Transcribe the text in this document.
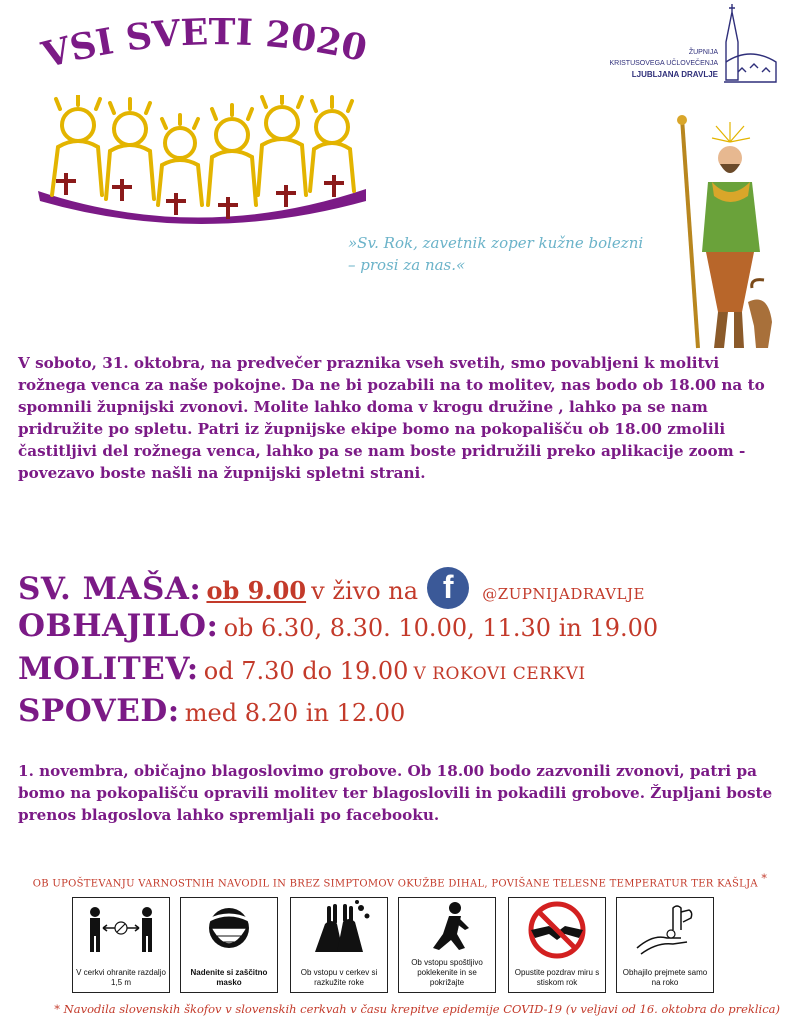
VSI SVETI 2020	ŽUPNIJA
KRISTUSOVEGA UČLOVEČENJA
LJUBLJANA DRAVLJE
»Sv. Rok, zavetnik zoper kužne bolezni
– prosi za nas.«
V soboto, 31. oktobra, na predvečer praznika vseh svetih, smo povabljeni k molitvi rožnega venca za naše pokojne. Da ne bi pozabili na to molitev, nas bodo ob 18.00 na to spomnili župnijski zvonovi. Molite lahko doma v krogu družine , lahko pa se nam pridružite po spletu. Patri iz župnijske ekipe bomo na pokopališču ob 18.00 zmolili častitljivi del rožnega venca, lahko pa se nam boste pridružili preko aplikacije zoom - povezavo boste našli na župnijski spletni strani.
SV. MAŠA: ob 9.00 v živo na f	@ZUPNIJADRAVLJE
OBHAJILO: ob 6.30, 8.30. 10.00, 11.30 in 19.00
MOLITEV: od 7.30 do 19.00 V ROKOVI CERKVI
SPOVED: med 8.20 in 12.00
1. novembra, običajno blagoslovimo grobove. Ob 18.00 bodo zazvonili zvonovi, patri pa bomo na pokopališču opravili molitev ter blagoslovili in pokadili grobove. Župljani boste prenos blagoslova lahko spremljali po facebooku.
OB UPOŠTEVANJU VARNOSTNIH NAVODIL IN BREZ SIMPTOMOV OKUŽBE DIHAL, POVIŠANE TELESNE TEMPERATUR TER KAŠLJA *
V cerkvi ohranite razdaljo 1,5 m
Nadenite si zaščitno masko
Ob vstopu v cerkev si razkužite roke
Ob vstopu spoštljivo poklekenite in se pokrižajte
Opustite pozdrav miru s stiskom rok
Obhajilo prejmete samo na roko
* Navodila slovenskih škofov v slovenskih cerkvah v času krepitve epidemije COVID-19 (v veljavi od 16. oktobra do preklica)
